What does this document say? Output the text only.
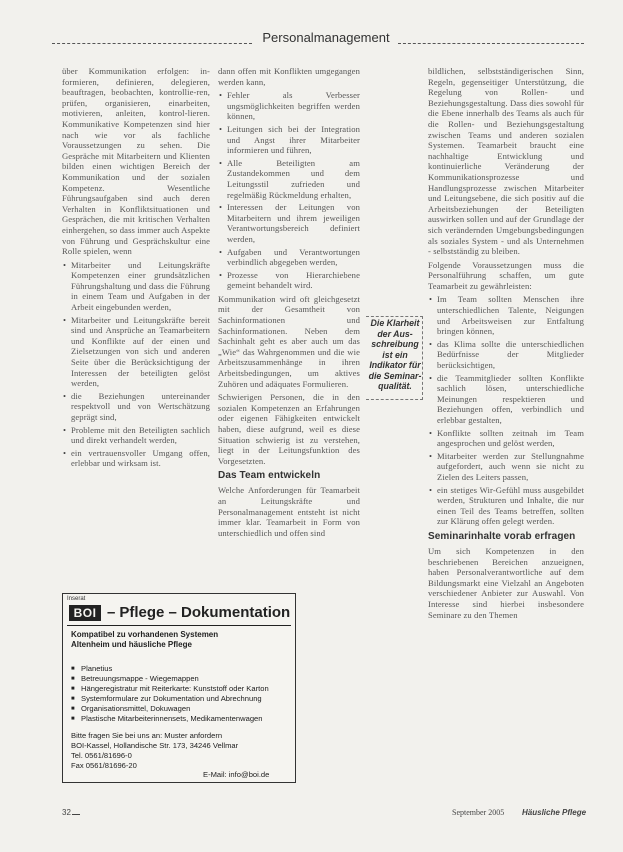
Personalmanagement

über Kommunikation erfolgen: in-formieren, definieren, delegieren, beauftragen, beobachten, kontrollie-ren, prüfen, organisieren, einarbeiten, motivieren, anleiten, kontrol-lieren. Kommunikative Kompetenzen sind hier nach wie vor als fachliche Voraussetzungen zu sehen. Die Gespräche mit Mitarbeitern und Klienten bilden einen wichtigen Bereich der Kommunikation und der sozialen Kompetenz. Wesentliche Führungsaufgaben sind auch deren Verhalten in Konfliktsituationen und Gesprächen, die mit kritischen Verhalten einhergehen, so dass immer auch Aspekte von Führung und Gesprächskultur eine Rolle spielen, wenn

• Mitarbeiter und Leitungskräfte Kompetenzen einer grundsätzlichen Führungshaltung und dass die Führung in einem Team und Aufgaben in der Arbeit eingebunden werden,
• Mitarbeiter und Leitungskräfte bereit sind und Ansprüche an Teamarbeitern und Konflikte auf der einen und Zielsetzungen von sich und anderen Seite über die Berücksichtigung der Interessen der beteiligten gelöst werden,
• die Beziehungen untereinander respektvoll und von Wertschätzung geprägt sind,
• Probleme mit den Beteiligten sachlich und direkt verhandelt werden,
• ein vertrauensvoller Umgang offen, erlebbar und wirksam ist.

dann offen mit Konflikten umgegangen werden kann,

• Fehler als Verbesser ungsmöglichkeiten begriffen werden können,
• Leitungen sich bei der Integration und Angst ihrer Mitarbeiter informieren und führen,
• Alle Beteiligten am Zustandekommen und dem Leitungsstil zufrieden und regelmäßig Rückmeldung erhalten,
• Interessen der Leitungen von Mitarbeitern und ihrem jeweiligen Verantwortungsbereich definiert werden,
• Aufgaben und Verantwortungen verbindlich abgegeben werden,
• Prozesse von Hierarchiebene gemeint behandelt wird.

Kommunikation wird oft gleichgesetzt mit der Gesamtheit von Sachinformationen und Sachinformationen. Neben dem Sachinhalt geht es aber auch um das „Wie“ das Wahrgenommen und die wie Arbeitszusammenhänge in ihren Arbeitsbedingungen, um aktives Zuhören und adäquates Formulieren.

Schwierigen Personen, die in den sozialen Kompetenzen an Erfahrungen oder eigenen Fähigkeiten entwickelt haben, diese aufgrund, weil es diese Situation schwierig ist zu verstehen, liegt in der Leitungsfunktion des Vorgesetzten.

Das Team entwickeln

Welche Anforderungen für Teamarbeit an Leitungskräfte und Personalmanagement entsteht ist nicht immer klar. Teamarbeit in Form von unterschiedlich und offen sind

Die Klarheit
der Aus-
schreibung
ist ein
Indikator für
die Seminar-
qualität.

bildlichen, selbstständigerischen Sinn, Regeln, gegenseitiger Unterstützung, die Regelung von Rollen- und Beziehungsgestaltung. Dass dies sowohl für die Ebene innerhalb des Teams als auch für die Rollen- und Beziehungsgestaltung zwischen Teams und anderen sozialen Systemen. Teamarbeit braucht eine nachhaltige Entwicklung und kontinuierliche Veränderung der Kommunikationsprozesse und Handlungsprozesse zwischen Mitarbeiter und Leitungsebene, die sich positiv auf die Arbeitsbeziehungen der Beteiligten auswirken sollen und auf der Grundlage der sich verändernden Umgebungsbedingungen als soziales System - und als Unternehmen - selbstständig zu bleiben.

Folgende Voraussetzungen muss die Personalführung schaffen, um gute Teamarbeit zu gewährleisten:

• Im Team sollten Menschen ihre unterschiedlichen Talente, Neigungen und Arbeitsweisen zur Entfaltung bringen können,
• das Klima sollte die unterschiedlichen Bedürfnisse der Mitglieder berücksichtigen,
• die Teammitglieder sollten Konflikte sachlich lösen, unterschiedliche Meinungen respektieren und Beziehungen offen, verbindlich und erlebbar gestalten,
• Konflikte sollten zeitnah im Team angesprochen und gelöst werden,
• Mitarbeiter werden zur Stellungnahme aufgefordert, auch wenn sie nicht zu Zielen des Leiters passen,
• ein stetiges Wir-Gefühl muss ausgebildet werden, Strukturen und Inhalte, die nur einen Teil des Teams betreffen, sollten zur Klärung offen gelegt werden.
Seminarinhalte vorab erfragen

Um sich Kompetenzen in den beschriebenen Bereichen anzueignen, haben Personalverantwortliche auf dem Bildungsmarkt eine Vielzahl an Angeboten verschiedener Anbieter zur Auswahl. Von Interesse sind hierbei insbesondere Seminare zu den Themen

Inserat
BOI
–	Pflege – Dokumentation
Kompatibel zu vorhandenen Systemen
Altenheim und häusliche Pflege
■ Planetius
■ Betreuungsmappe - Wiegemappen
■ Hängeregistratur mit Reiterkarte: Kunststoff oder Karton
■ Systemformulare zur Dokumentation und Abrechnung
■ Organisationsmittel, Dokuwagen
■ Plastische Mitarbeiterinnensets, Medikamentenwagen
Bitte fragen Sie bei uns an: Muster anfordern
BOI-Kassel, Hollandische Str. 173, 34246 Vellmar
Tel. 0561/81696-0
Fax 0561/81696-20
E-Mail: info@boi.de
32	September 2005 Häusliche Pflege
